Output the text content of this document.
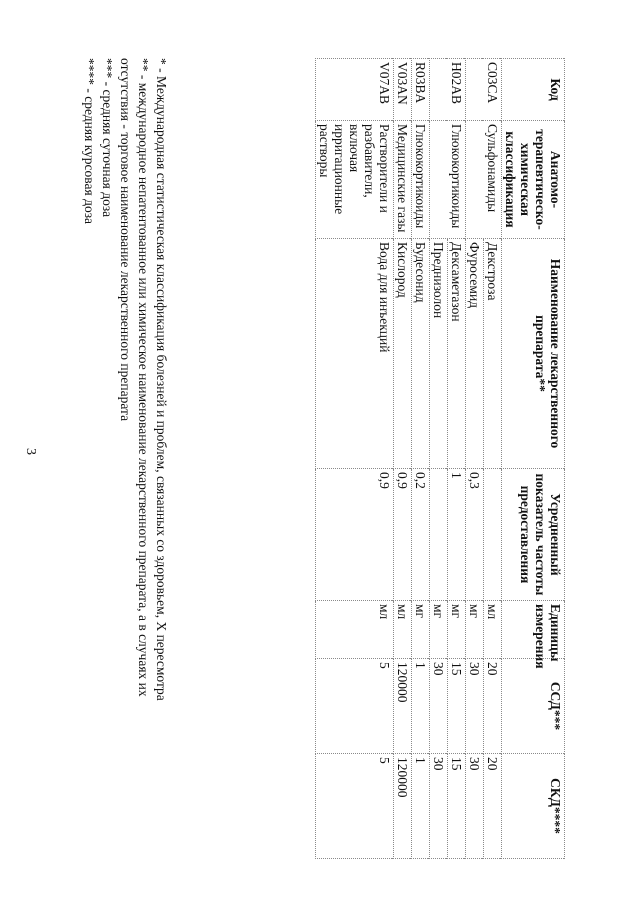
3
Код	Анатомо-терапевтическо-химическая классификация	Наименование лекарственного препарата**	Усредненный показатель частоты предоставления	Единицы измерения	ССД***	СКД****
C03CA	Сульфонамиды	Декстроза		мл	20	20
		Фуросемид	0,3	мг	30	30
H02AB	Глюкокортикоиды	Дексаметазон	1	мг	15	15
		Преднизолон		мг	30	30
R03BA	Глюкокортикоиды	Будесонид	0,2	мг	1	1
V03AN	Медицинские газы	Кислород	0,9	мл	120000	120000
V07AB	Растворители и разбавители, включая ирригационные растворы	Вода для инъекций	0,9	мл	5	5
* - Международная статистическая классификация болезней и проблем, связанных со здоровьем, X пересмотра
** - международное непатентованное или химическое наименование лекарственного препарата, а в случаях их
отсутствия - торговое наименование лекарственного препарата
*** - средняя суточная доза
**** - средняя курсовая доза
